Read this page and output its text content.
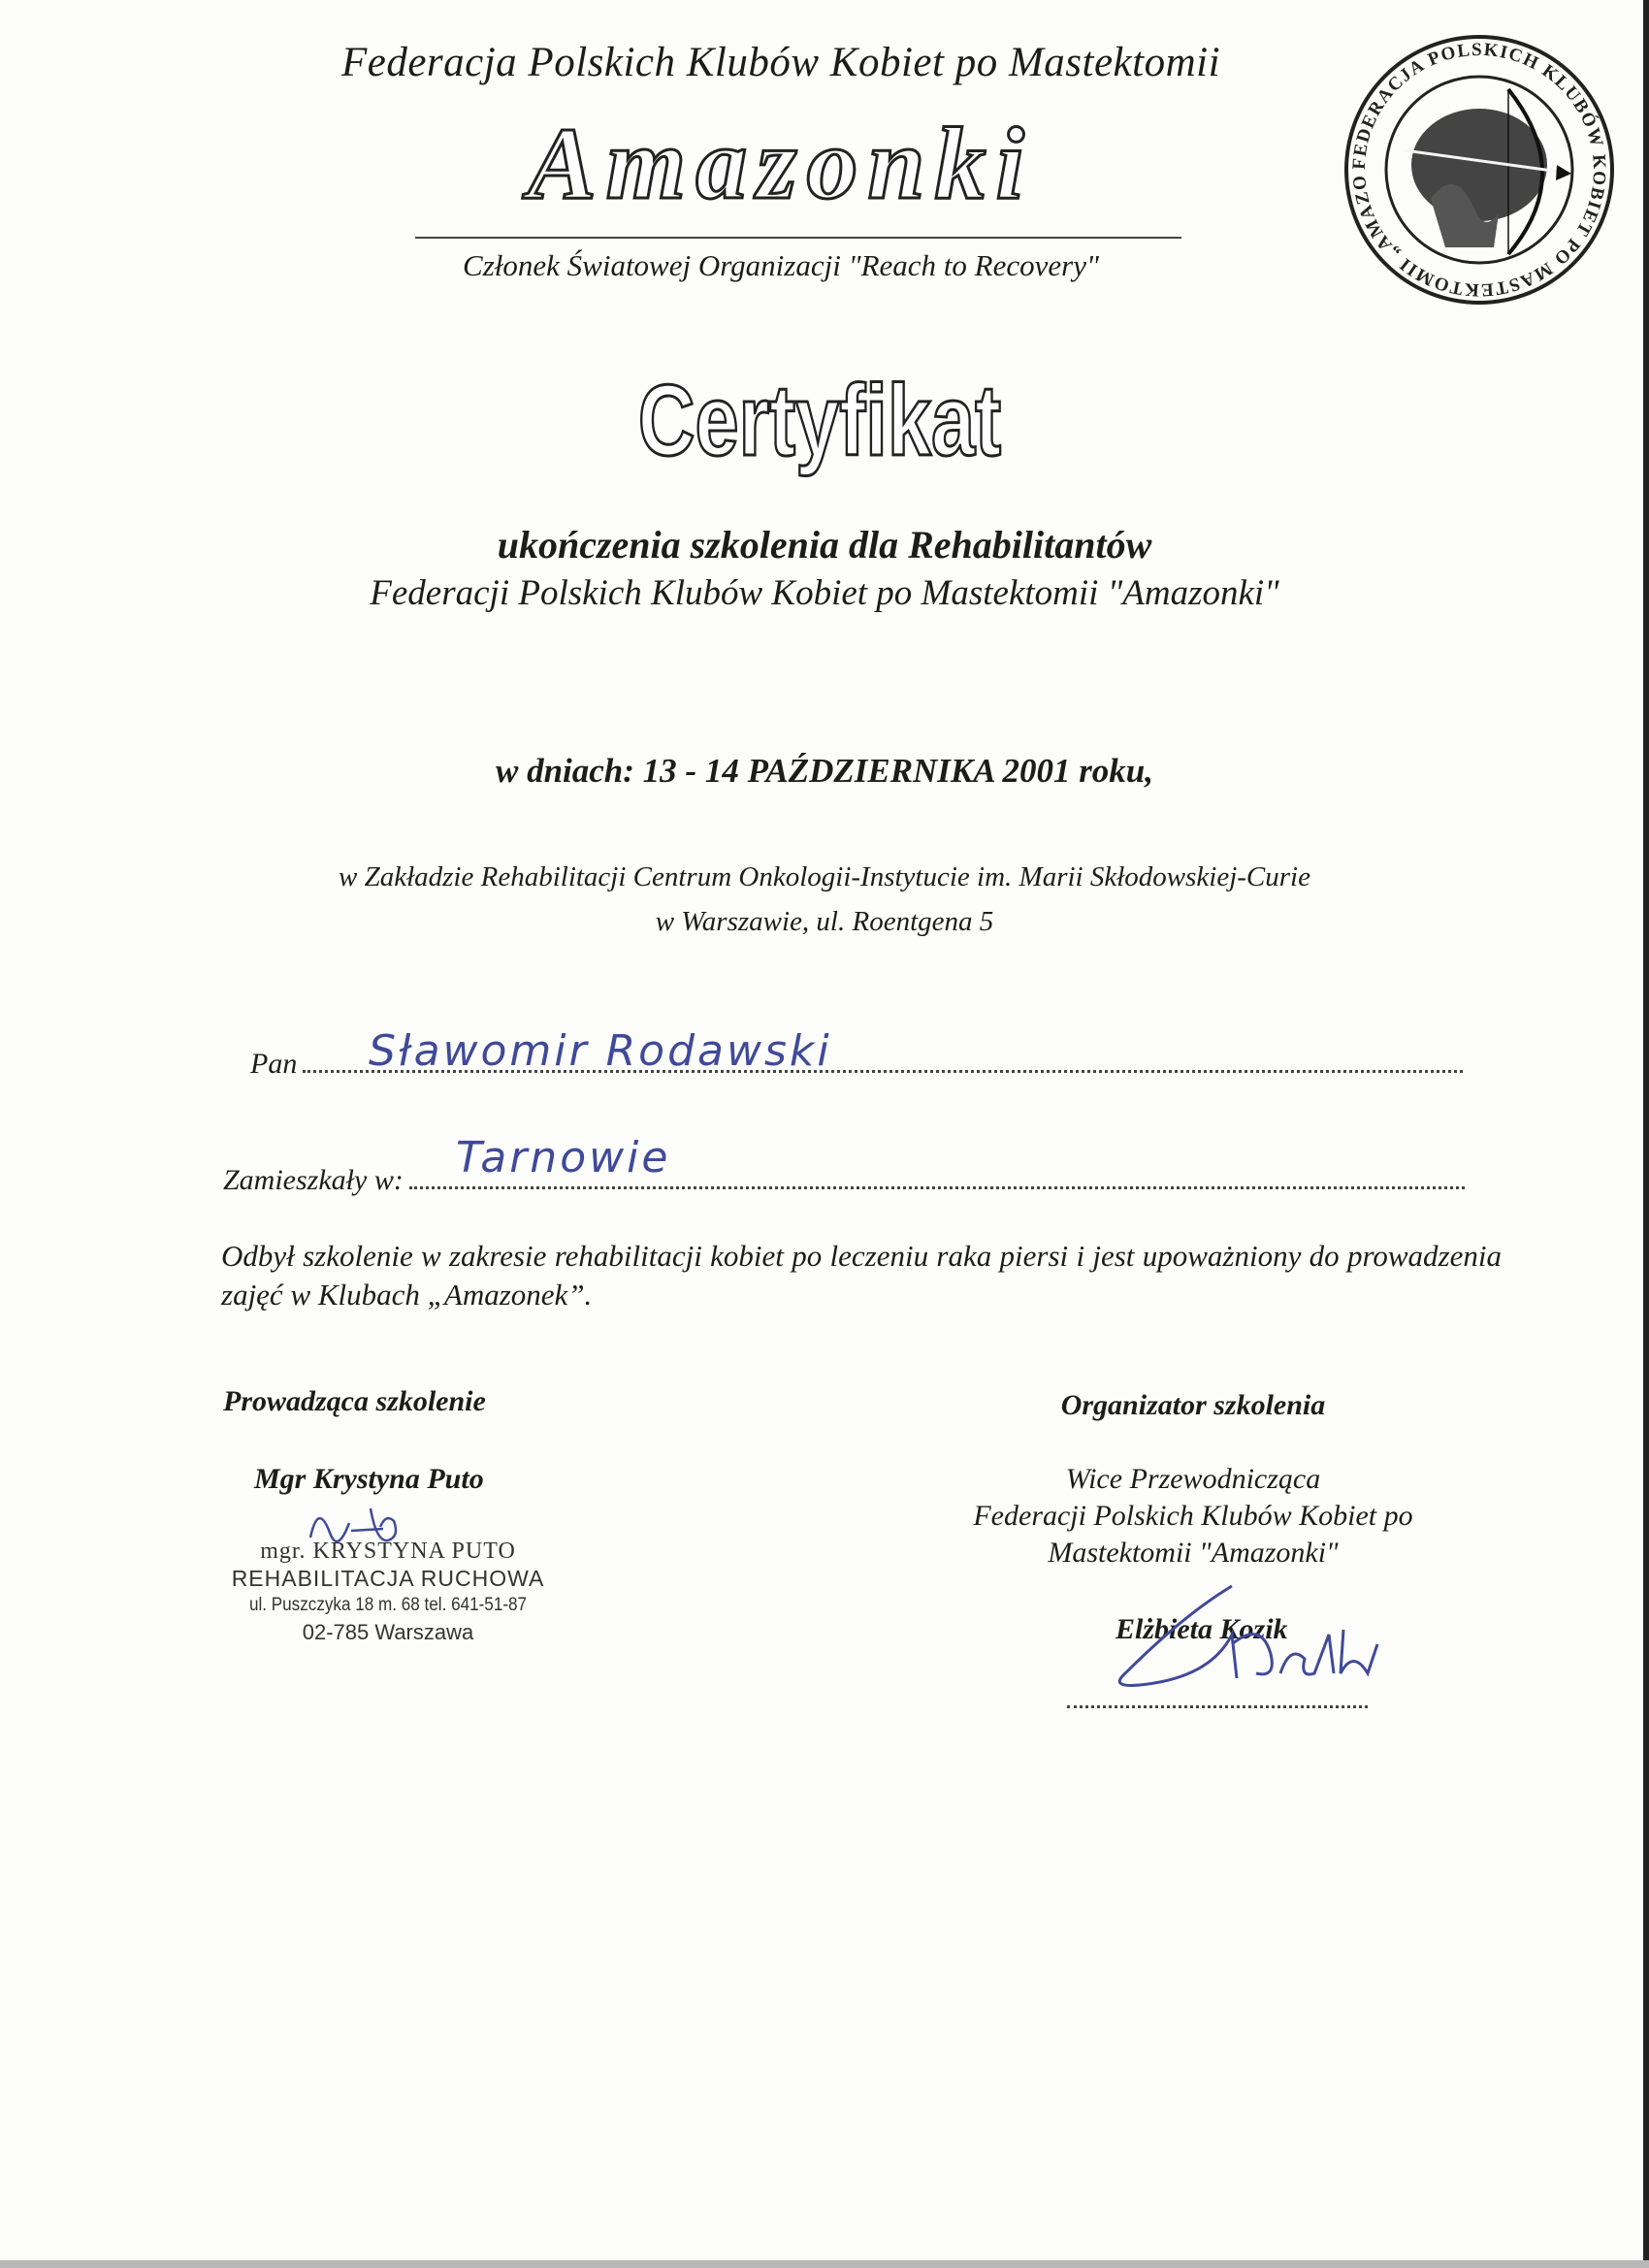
Federacja Polskich Klubów Kobiet po Mastektomii
Amazonki
Członek Światowej Organizacji "Reach to Recovery"
FEDERACJA POLSKICH KLUBÓW KOBIET PO MASTEKTOMII „AMAZO
Certyfikat
ukończenia szkolenia dla Rehabilitantów
Federacji Polskich Klubów Kobiet po Mastektomii "Amazonki"
w dniach: 13 - 14 PAŹDZIERNIKA 2001 roku,
w Zakładzie Rehabilitacji Centrum Onkologii-Instytucie im. Marii Skłodowskiej-Curie
w Warszawie, ul. Roentgena 5
Pan Sławomir Rodawski
Zamieszkały w: Tarnowie
Odbył szkolenie w zakresie rehabilitacji kobiet po leczeniu raka piersi i jest upoważniony do prowadzenia zajęć w Klubach „Amazonek”.
Prowadząca szkolenie
Mgr Krystyna Puto
mgr. KRYSTYNA PUTO
REHABILITACJA RUCHOWA
ul. Puszczyka 18 m. 68 tel. 641-51-87
02-785 Warszawa
Organizator szkolenia
Wice Przewodnicząca
Federacji Polskich Klubów Kobiet po
Mastektomii "Amazonki"
Elżbieta Kozik
